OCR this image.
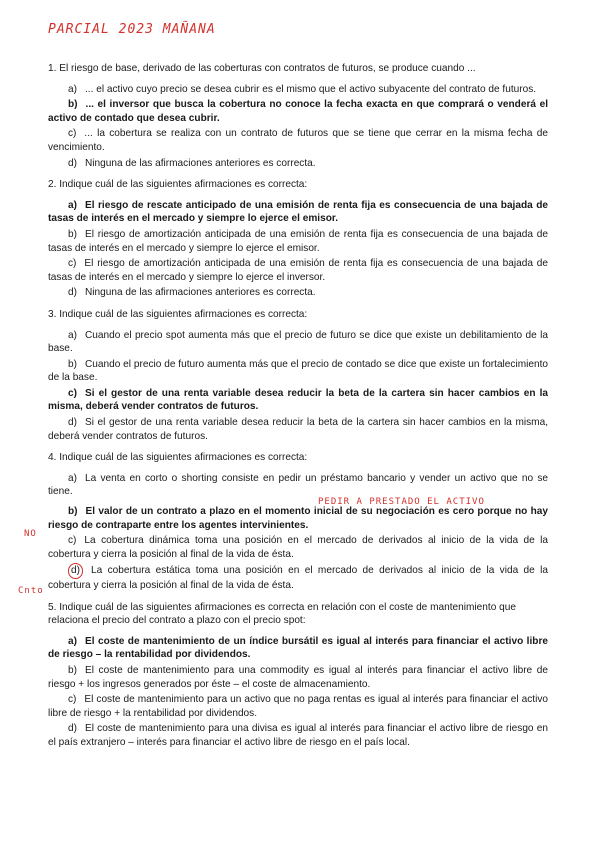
PARCIAL 2023 MAÑANA
1. El riesgo de base, derivado de las coberturas con contratos de futuros, se produce cuando ...
a) ... el activo cuyo precio se desea cubrir es el mismo que el activo subyacente del contrato de futuros.
b) ... el inversor que busca la cobertura no conoce la fecha exacta en que comprará o venderá el activo de contado que desea cubrir.
c) ... la cobertura se realiza con un contrato de futuros que se tiene que cerrar en la misma fecha de vencimiento.
d) Ninguna de las afirmaciones anteriores es correcta.
2. Indique cuál de las siguientes afirmaciones es correcta:
a) El riesgo de rescate anticipado de una emisión de renta fija es consecuencia de una bajada de tasas de interés en el mercado y siempre lo ejerce el emisor.
b) El riesgo de amortización anticipada de una emisión de renta fija es consecuencia de una bajada de tasas de interés en el mercado y siempre lo ejerce el emisor.
c) El riesgo de amortización anticipada de una emisión de renta fija es consecuencia de una bajada de tasas de interés en el mercado y siempre lo ejerce el inversor.
d) Ninguna de las afirmaciones anteriores es correcta.
3. Indique cuál de las siguientes afirmaciones es correcta:
a) Cuando el precio spot aumenta más que el precio de futuro se dice que existe un debilitamiento de la base.
b) Cuando el precio de futuro aumenta más que el precio de contado se dice que existe un fortalecimiento de la base.
c) Si el gestor de una renta variable desea reducir la beta de la cartera sin hacer cambios en la misma, deberá vender contratos de futuros.
d) Si el gestor de una renta variable desea reducir la beta de la cartera sin hacer cambios en la misma, deberá vender contratos de futuros.
4. Indique cuál de las siguientes afirmaciones es correcta:
a) La venta en corto o shorting consiste en pedir un préstamo bancario y vender un activo que no se tiene.
PEDIR A PRESTADO EL ACTIVO
b) El valor de un contrato a plazo en el momento inicial de su negociación es cero porque no hay riesgo de contraparte entre los agentes intervinientes.
NO
c) La cobertura dinámica toma una posición en el mercado de derivados al inicio de la vida de la cobertura y cierra la posición al final de la vida de ésta.
d) La cobertura estática toma una posición en el mercado de derivados al inicio de la vida de la cobertura y cierra la posición al final de la vida de ésta.
Cnto
5. Indique cuál de las siguientes afirmaciones es correcta en relación con el coste de mantenimiento que relaciona el precio del contrato a plazo con el precio spot:
a) El coste de mantenimiento de un índice bursátil es igual al interés para financiar el activo libre de riesgo – la rentabilidad por dividendos.
b) El coste de mantenimiento para una commodity es igual al interés para financiar el activo libre de riesgo + los ingresos generados por éste – el coste de almacenamiento.
c) El coste de mantenimiento para un activo que no paga rentas es igual al interés para financiar el activo libre de riesgo + la rentabilidad por dividendos.
d) El coste de mantenimiento para una divisa es igual al interés para financiar el activo libre de riesgo en el país extranjero – interés para financiar el activo libre de riesgo en el país local.
